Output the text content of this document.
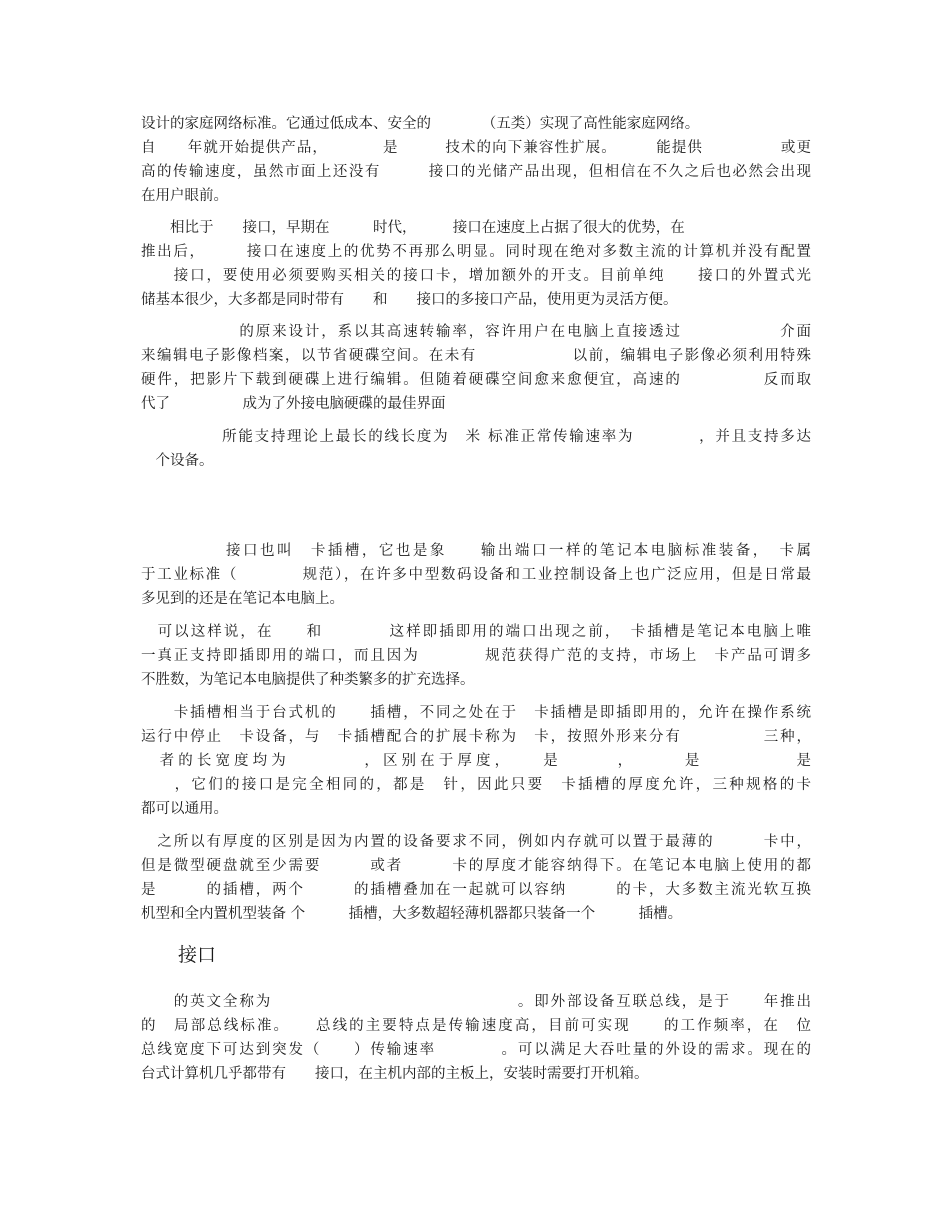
设计的家庭网络标准。它通过低成本、安全的　　　　（五类）实现了高性能家庭网络。
自　　年就开始提供产品，　　　　是　　　技术的向下兼容性扩展。　　　能提供　　　　　或更
高的传输速度，虽然市面上还没有　　　接口的光储产品出现，但相信在不久之后也必然会出现
在用户眼前。
　　相比于　　接口，早期在　　　时代，　　　接口在速度上占据了很大的优势，在
推出后，　　　接口在速度上的优势不再那么明显。同时现在绝对多数主流的计算机并没有配置
　　接口，要使用必须要购买相关的接口卡，增加额外的开支。目前单纯　　接口的外置式光
储基本很少，大多都是同时带有　　和　　接口的多接口产品，使用更为灵活方便。
　　　　　　的原来设计，系以其高速转输率，容许用户在电脑上直接透过　　　　　　介面
来编辑电子影像档案，以节省硬碟空间。在未有　　　　　　以前，编辑电子影像必须利用特殊
硬件，把影片下载到硬碟上进行编辑。但随着硬碟空间愈来愈便宜，高速的　　　　　反而取
代了　　　　　成为了外接电脑硬碟的最佳界面
　　　　　所能支持理论上最长的线长度为　米 标准正常传输速率为　　　　，并且支持多达
　个设备。
　　　　　接口也叫　卡插槽，它也是象　　输出端口一样的笔记本电脑标准装备，　卡属
于工业标准（　　　　规范），在许多中型数码设备和工业控制设备上也广泛应用，但是日常最
多见到的还是在笔记本电脑上。
　可以这样说，在　　和　　　　这样即插即用的端口出现之前，　卡插槽是笔记本电脑上唯
一真正支持即插即用的端口，而且因为　　　　规范获得广范的支持，市场上　卡产品可谓多
不胜数，为笔记本电脑提供了种类繁多的扩充选择。
　　卡插槽相当于台式机的　　插槽，不同之处在于　卡插槽是即插即用的，允许在操作系统
运行中停止　卡设备，与　卡插槽配合的扩展卡称为　卡，按照外形来分有　　　　　三种，
　者的长宽度均为　　　　，区别在于厚度，　　是　　　，　　　是　　　　　是
　　，它们的接口是完全相同的，都是　针，因此只要　卡插槽的厚度允许，三种规格的卡
都可以通用。
　之所以有厚度的区别是因为内置的设备要求不同，例如内存就可以置于最薄的　　　卡中，
但是微型硬盘就至少需要　　　或者　　　卡的厚度才能容纳得下。在笔记本电脑上使用的都
是　　　的插槽，两个　　　的插槽叠加在一起就可以容纳　　　的卡，大多数主流光软互换
机型和全内置机型装备 个　　　插槽，大多数超轻薄机器都只装备一个　　　插槽。
接口
　　的英文全称为　　　　　　　　　　　　　　　。即外部设备互联总线，是于　　年推出
的　局部总线标准。　　总线的主要特点是传输速度高，目前可实现　　的工作频率，在　位
总线宽度下可达到突发（　　）传输速率　　　　。可以满足大吞吐量的外设的需求。现在的
台式计算机几乎都带有　　接口，在主机内部的主板上，安装时需要打开机箱。
